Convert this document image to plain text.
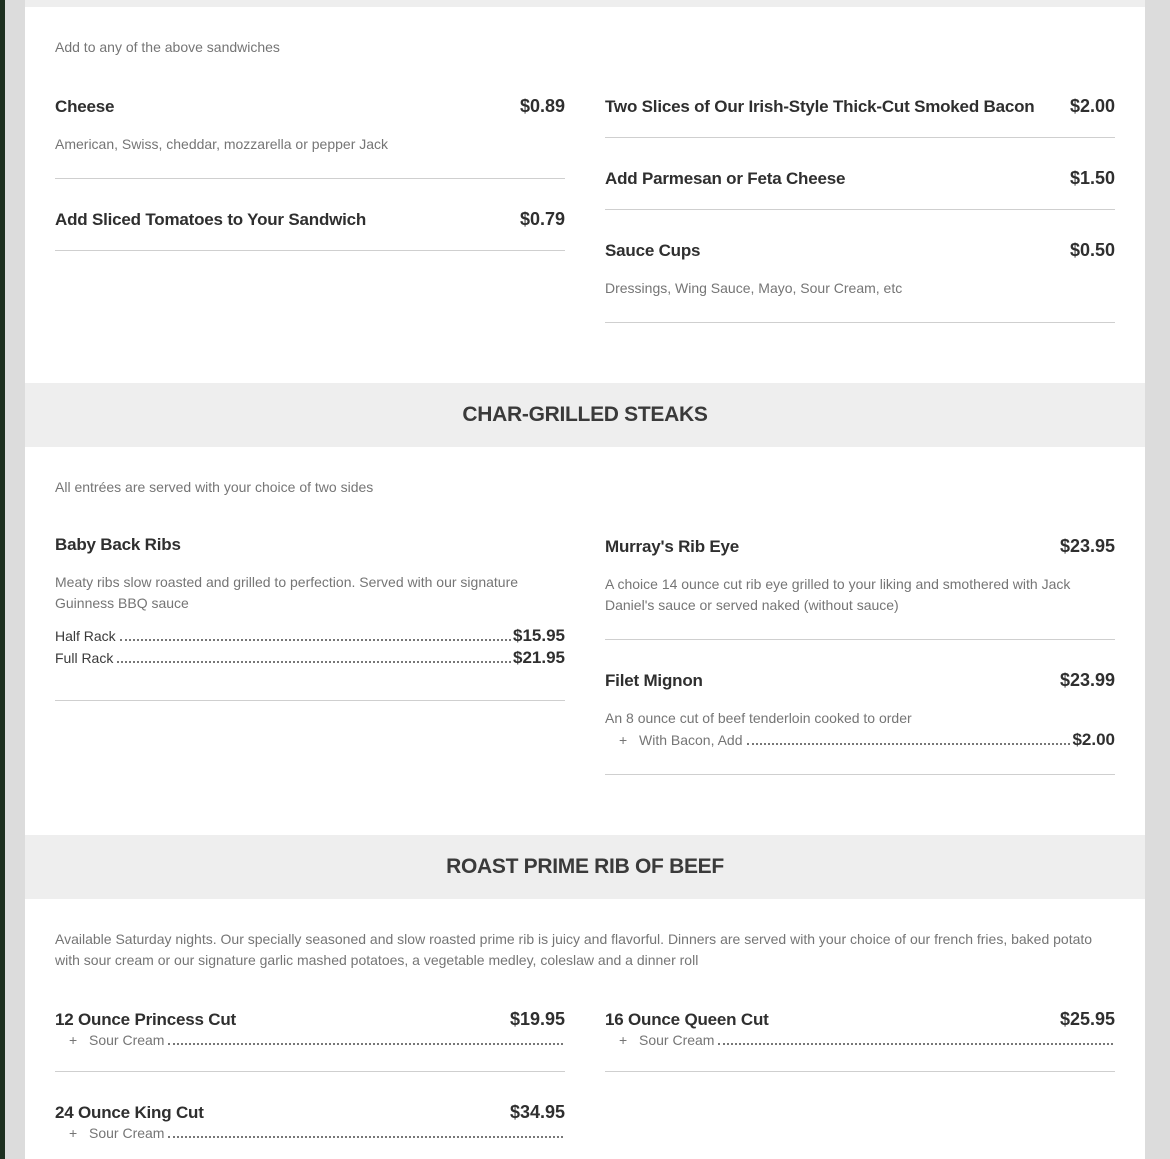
Add to any of the above sandwiches
Cheese	$0.89
American, Swiss, cheddar, mozzarella or pepper Jack
Add Sliced Tomatoes to Your Sandwich	$0.79
Two Slices of Our Irish-Style Thick-Cut Smoked Bacon $2.00
Add Parmesan or Feta Cheese	$1.50
Sauce Cups	$0.50
Dressings, Wing Sauce, Mayo, Sour Cream, etc
CHAR-GRILLED STEAKS
All entrées are served with your choice of two sides
Baby Back Ribs
Meaty ribs slow roasted and grilled to perfection. Served with our signature Guinness BBQ sauce
Half Rack	$15.95
Full Rack	$21.95
Murray's Rib Eye	$23.95
A choice 14 ounce cut rib eye grilled to your liking and smothered with Jack Daniel's sauce or served naked (without sauce)
Filet Mignon	$23.99
An 8 ounce cut of beef tenderloin cooked to order
+ With Bacon, Add	$2.00
ROAST PRIME RIB OF BEEF
Available Saturday nights. Our specially seasoned and slow roasted prime rib is juicy and flavorful. Dinners are served with your choice of our french fries, baked potato with sour cream or our signature garlic mashed potatoes, a vegetable medley, coleslaw and a dinner roll
12 Ounce Princess Cut	$19.95
+ Sour Cream
16 Ounce Queen Cut	$25.95
+ Sour Cream
24 Ounce King Cut	$34.95
+ Sour Cream
